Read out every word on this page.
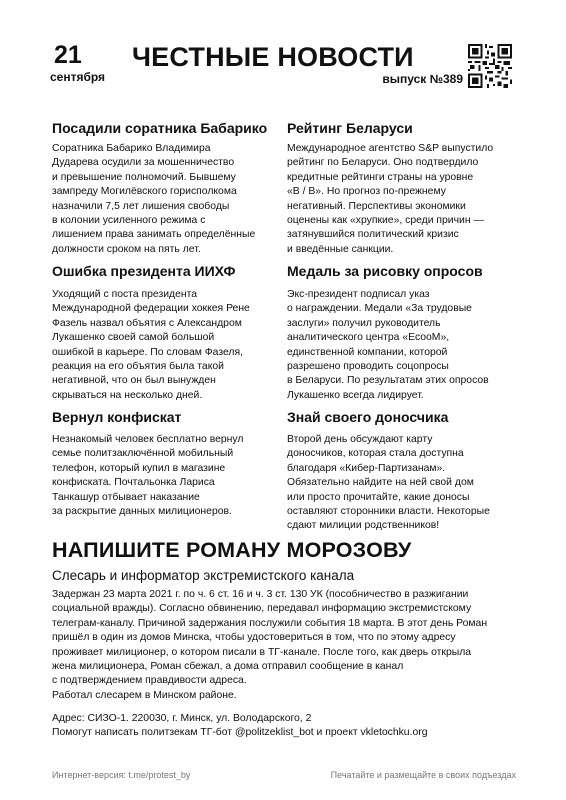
21
сентября
ЧЕСТНЫЕ НОВОСТИ
выпуск №389
Посадили соратника Бабарико

Соратника Бабарико Владимира
Дударева осудили за мошенничество
и превышение полномочий. Бывшему
зампреду Могилёвского горисполкома
назначили 7,5 лет лишения свободы
в колонии усиленного режима с
лишением права занимать определённые
должности сроком на пять лет.

Ошибка президента ИИХФ

Уходящий с поста президента
Международной федерации хоккея Рене
Фазель назвал объятия с Александром
Лукашенко своей самой большой
ошибкой в карьере. По словам Фазеля,
реакция на его объятия была такой
негативной, что он был вынужден
скрываться на несколько дней.

Вернул конфискат

Незнакомый человек бесплатно вернул
семье политзаключённой мобильный
телефон, который купил в магазине
конфиската. Почтальонка Лариса
Танкашур отбывает наказание
за раскрытие данных милиционеров.

Рейтинг Беларуси

Международное агентство S&P выпустило
рейтинг по Беларуси. Оно подтвердило
кредитные рейтинги страны на уровне
«B / B». Но прогноз по-прежнему
негативный. Перспективы экономики
оценены как «хрупкие», среди причин —
затянувшийся политический кризис
и введённые санкции.

Медаль за рисовку опросов

Экс-президент подписал указ
о награждении. Медали «За трудовые
заслуги» получил руководитель
аналитического центра «EcooM»,
единственной компании, которой
разрешено проводить соцопросы
в Беларуси. По результатам этих опросов
Лукашенко всегда лидирует.

Знай своего доносчика

Второй день обсуждают карту
доносчиков, которая стала доступна
благодаря «Кибер-Партизанам».
Обязательно найдите на ней свой дом
или просто прочитайте, какие доносы
оставляют сторонники власти. Некоторые
сдают милиции родственников!

НАПИШИТЕ РОМАНУ МОРОЗОВУ
Слесарь и информатор экстремистского канала

Задержан 23 марта 2021 г. по ч. 6 ст. 16 и ч. 3 ст. 130 УК (пособничество в разжигании
социальной вражды). Согласно обвинению, передавал информацию экстремистскому
телеграм-каналу. Причиной задержания послужили события 18 марта. В этот день Роман
пришёл в один из домов Минска, чтобы удостовериться в том, что по этому адресу
проживает милиционер, о котором писали в ТГ-канале. После того, как дверь открыла
жена милиционера, Роман сбежал, а дома отправил сообщение в канал
с подтверждением правдивости адреса.
Работал слесарем в Минском районе.

Адрес: СИЗО-1. 220030, г. Минск, ул. Володарского, 2
Помогут написать политзекам ТГ-бот @politzeklist_bot и проект vkletochku.org
Интернет-версия: t.me/protest_by	Печатайте и размещайте в своих подъездах
